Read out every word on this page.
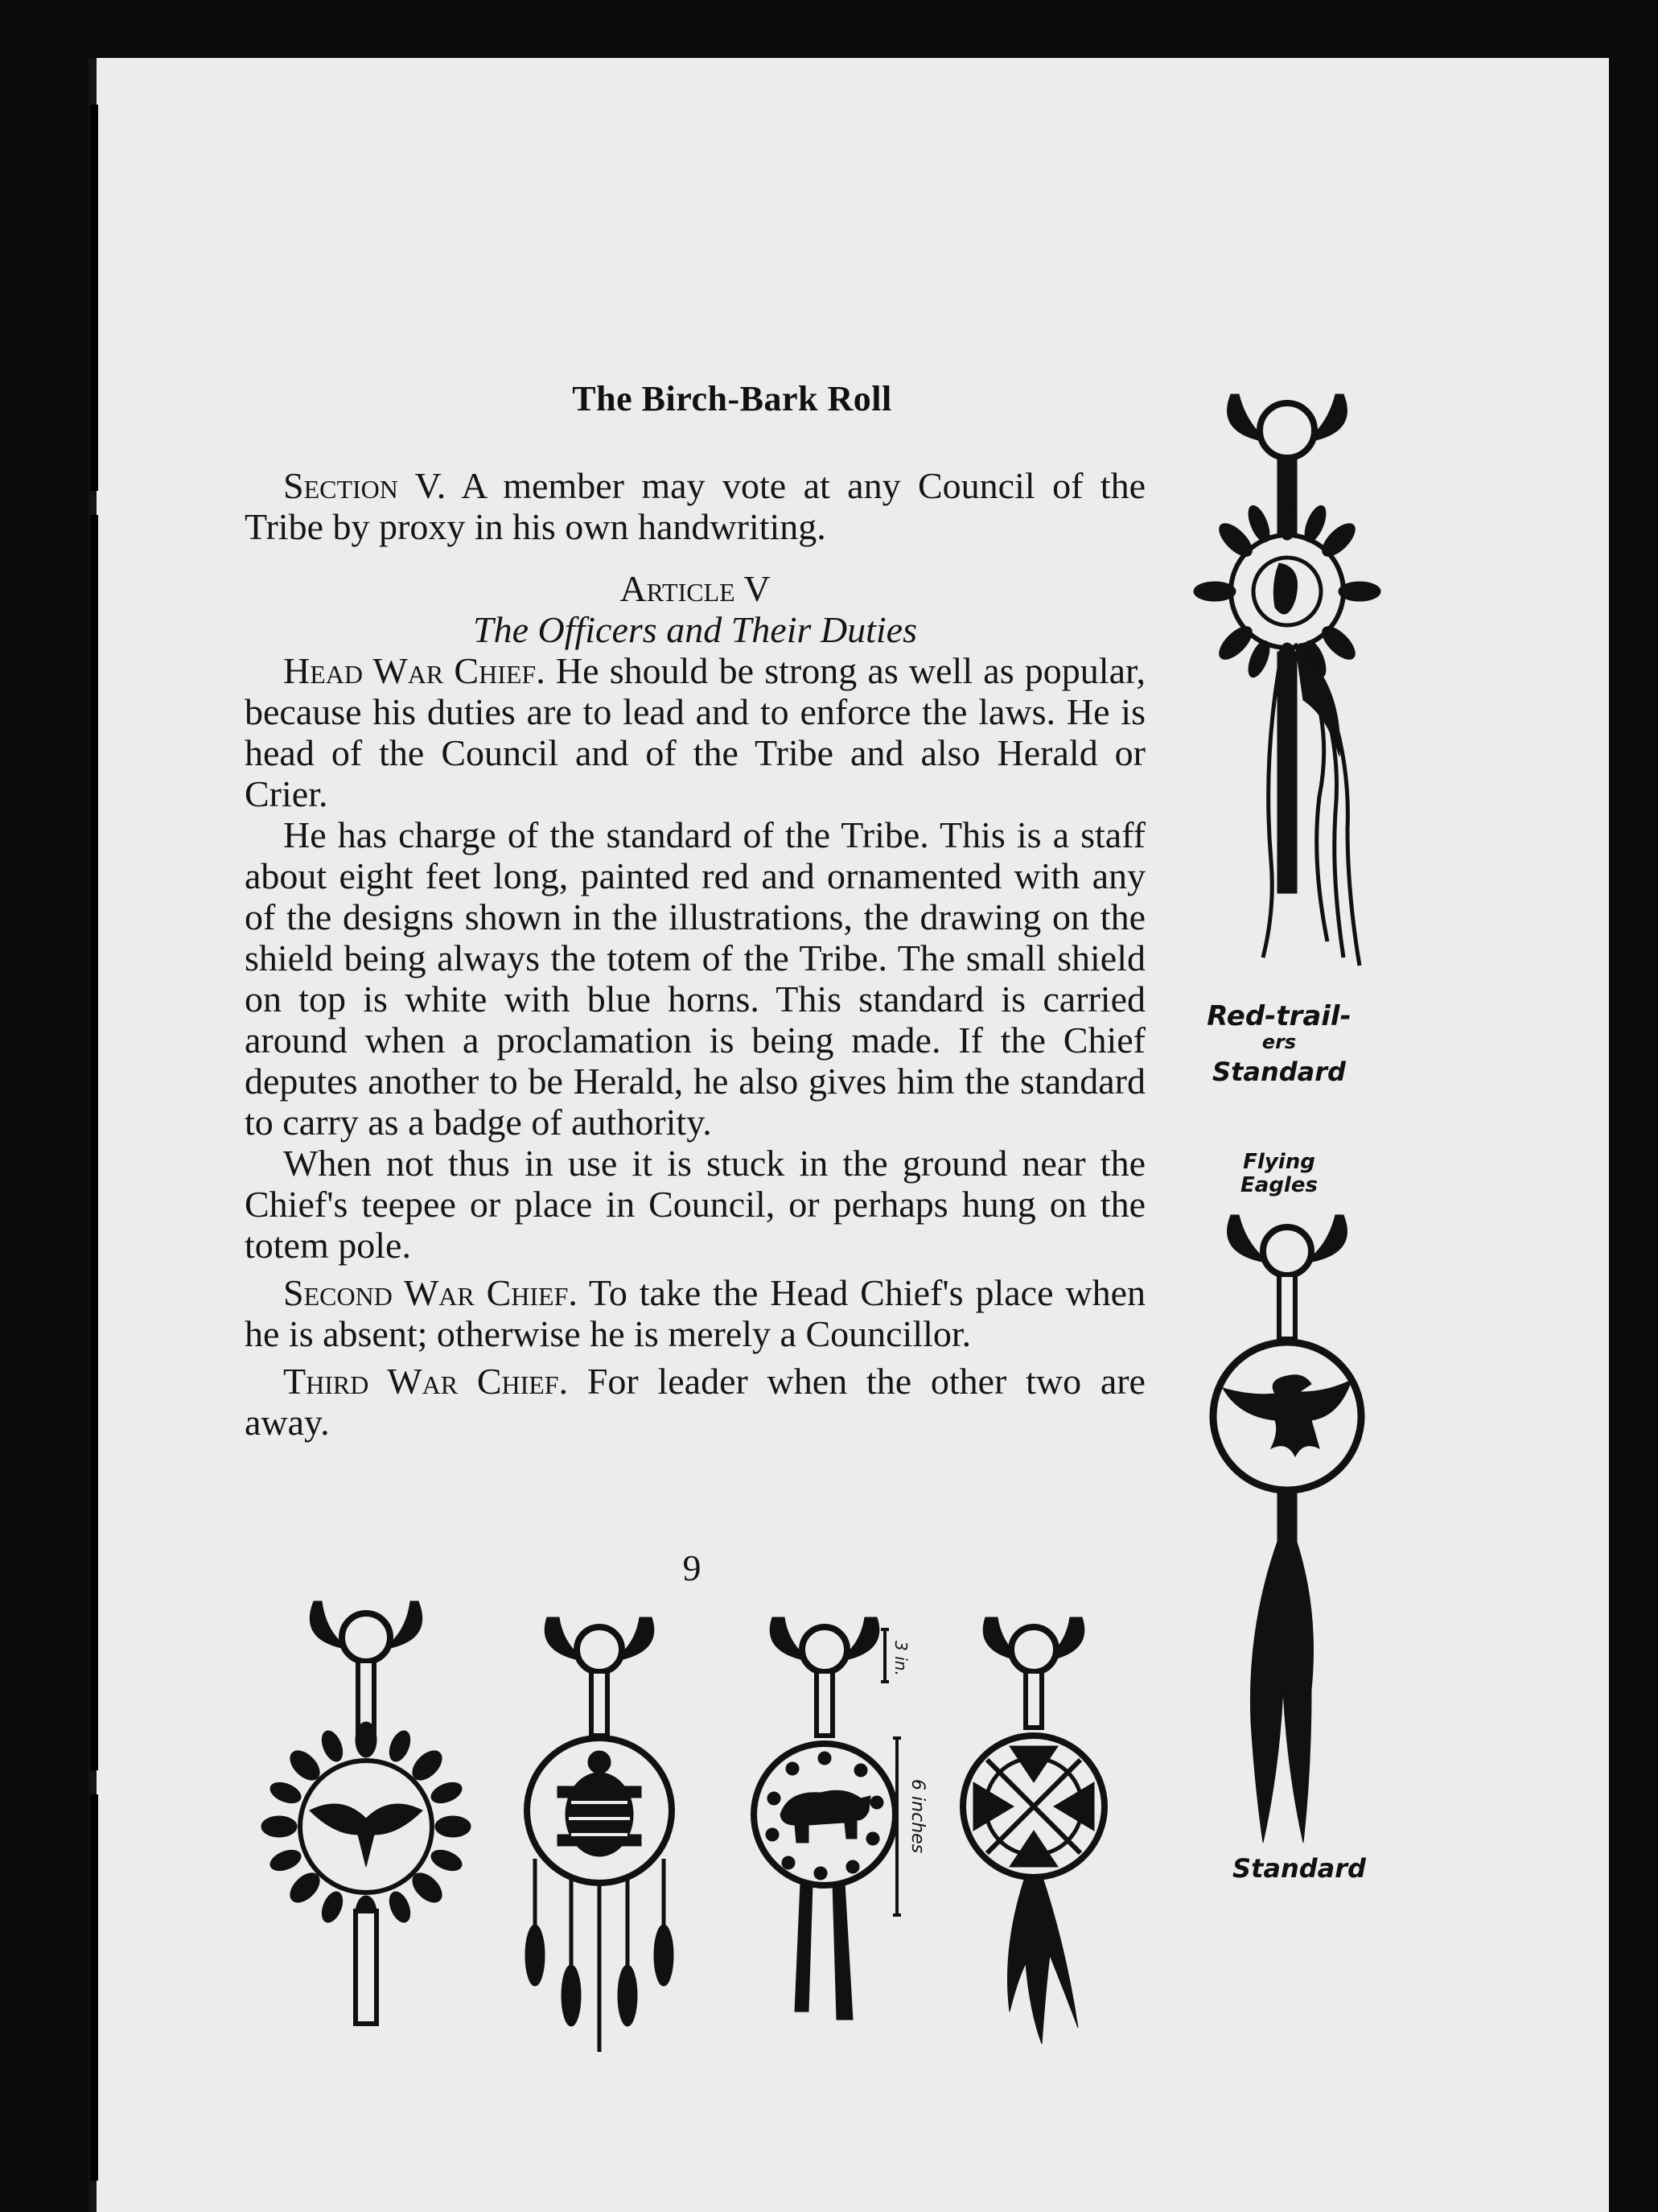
The Birch-Bark Roll

Section V. A member may vote at any Council of the Tribe by proxy in his own handwriting.

Article V

The Officers and Their Duties

Head War Chief. He should be strong as well as popular, because his duties are to lead and to enforce the laws. He is head of the Council and of the Tribe and also Herald or Crier.

He has charge of the standard of the Tribe. This is a staff about eight feet long, painted red and ornamented with any of the designs shown in the illustrations, the drawing on the shield being always the totem of the Tribe. The small shield on top is white with blue horns. This standard is carried around when a proclamation is being made. If the Chief deputes another to be Herald, he also gives him the standard to carry as a badge of authority.

When not thus in use it is stuck in the ground near the Chief's teepee or place in Council, or perhaps hung on the totem pole.

Second War Chief. To take the Head Chief's place when he is absent; otherwise he is merely a Councillor.

Third War Chief. For leader when the other two are away.

9
Red-trail-
ers
Standard
Flying
Eagles
Standard
3 in.
6 inches
